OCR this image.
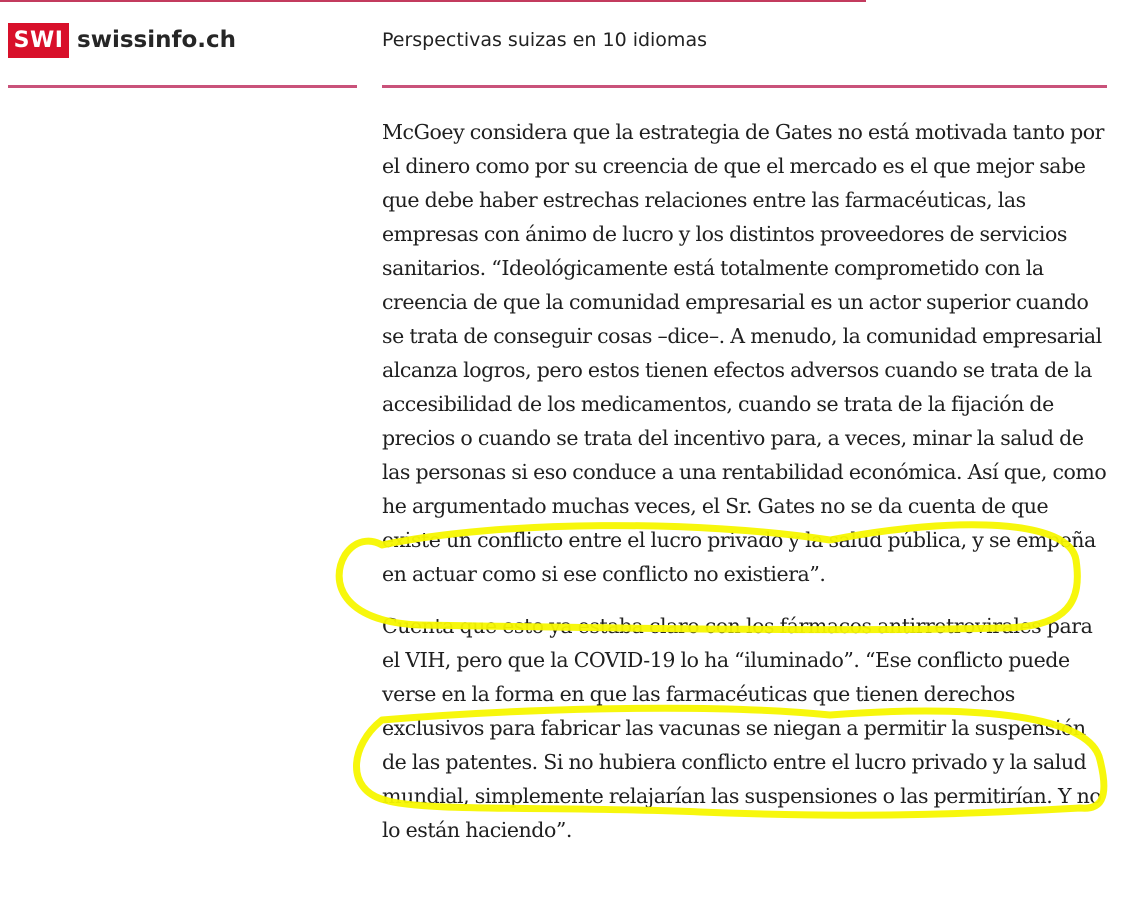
SWI swissinfo.ch	Perspectivas suizas en 10 idiomas

McGoey considera que la estrategia de Gates no está motivada tanto por el dinero como por su creencia de que el mercado es el que mejor sabe que debe haber estrechas relaciones entre las farmacéuticas, las empresas con ánimo de lucro y los distintos proveedores de servicios sanitarios. “Ideológicamente está totalmente comprometido con la creencia de que la comunidad empresarial es un actor superior cuando se trata de conseguir cosas –dice–. A menudo, la comunidad empresarial alcanza logros, pero estos tienen efectos adversos cuando se trata de la accesibilidad de los medicamentos, cuando se trata de la fijación de precios o cuando se trata del incentivo para, a veces, minar la salud de las personas si eso conduce a una rentabilidad económica. Así que, como he argumentado muchas veces, el Sr. Gates no se da cuenta de que existe un conflicto entre el lucro privado y la salud pública, y se empeña en actuar como si ese conflicto no existiera”.

Cuenta que esto ya estaba claro con los fármacos antirretrovirales para el VIH, pero que la COVID-19 lo ha “iluminado”. “Ese conflicto puede verse en la forma en que las farmacéuticas que tienen derechos exclusivos para fabricar las vacunas se niegan a permitir la suspensión de las patentes. Si no hubiera conflicto entre el lucro privado y la salud mundial, simplemente relajarían las suspensiones o las permitirían. Y no lo están haciendo”.
